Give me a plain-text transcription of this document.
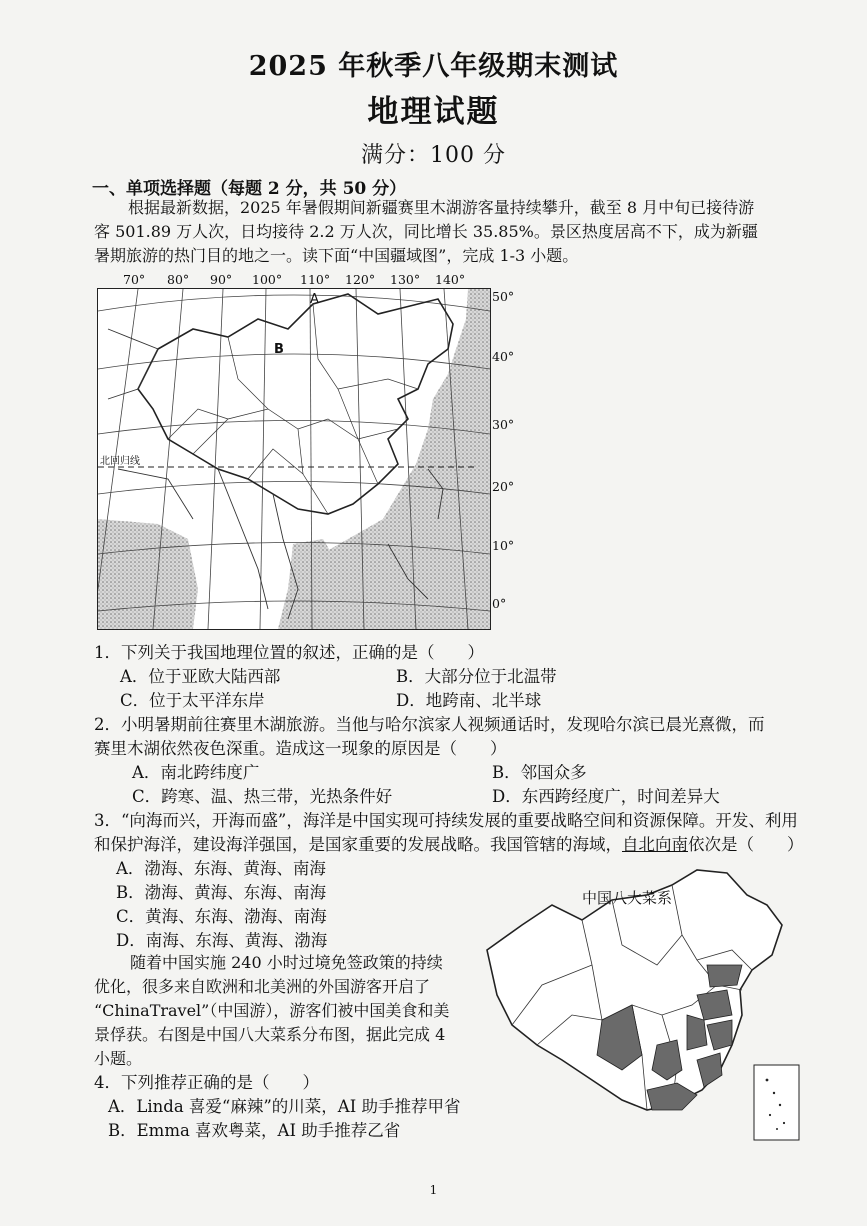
2025 年秋季八年级期末测试
地理试题
满分：100 分
一、单项选择题（每题 2 分，共 50 分）
根据最新数据，2025 年暑假期间新疆赛里木湖游客量持续攀升，截至 8 月中旬已接待游
客 501.89 万人次，日均接待 2.2 万人次，同比增长 35.85%。景区热度居高不下，成为新疆
暑期旅游的热门目的地之一。读下面“中国疆域图”，完成 1-3 小题。
70° 80° 90° 100° 110° 120° 130° 140°
50°
40°
30°
20°
10°
0°
北回归线
A
B
1．下列关于我国地理位置的叙述，正确的是（　　）
A．位于亚欧大陆西部	B．大部分位于北温带
C．位于太平洋东岸	D．地跨南、北半球
2．小明暑期前往赛里木湖旅游。当他与哈尔滨家人视频通话时，发现哈尔滨已晨光熹微，而
赛里木湖依然夜色深重。造成这一现象的原因是（　　）
A．南北跨纬度广	B．邻国众多
C．跨寒、温、热三带，光热条件好	D．东西跨经度广，时间差异大
3．“向海而兴，开海而盛”，海洋是中国实现可持续发展的重要战略空间和资源保障。开发、利用
和保护海洋，建设海洋强国，是国家重要的发展战略。我国管辖的海域，自北向南依次是（　　）
A．渤海、东海、黄海、南海
B．渤海、黄海、东海、南海
C．黄海、东海、渤海、南海
D．南海、东海、黄海、渤海
随着中国实施 240 小时过境免签政策的持续
优化，很多来自欧洲和北美洲的外国游客开启了
“ChinaTravel”（中国游），游客们被中国美食和美
景俘获。右图是中国八大菜系分布图，据此完成 4
小题。
4．下列推荐正确的是（　　）
A．Linda 喜爱“麻辣”的川菜，AI 助手推荐甲省
B．Emma 喜欢粤菜，AI 助手推荐乙省
中国八大菜系
1
